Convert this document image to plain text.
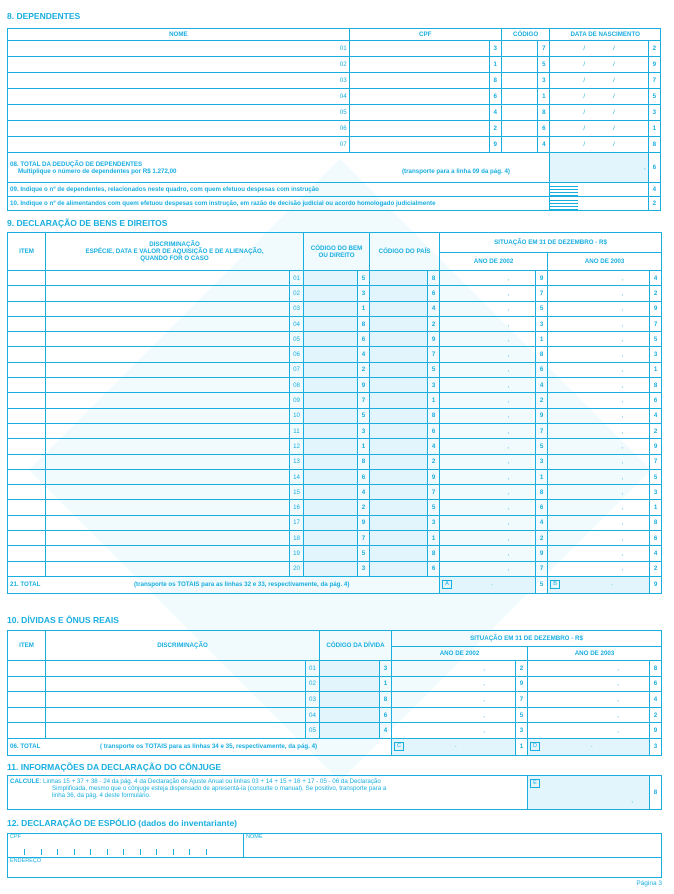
8. DEPENDENTES
NOME	CPF		CÓDIGO		DATA DE NASCIMENTO	
01		3		7	/ /	2
02		1		5	/ /	9
03		8		3	/ /	7
04		6		1	/ /	5
05		4		8	/ /	3
06		2		6	/ /	1
07		9		4	/ /	8

08. TOTAL DA DEDUÇÃO DE DEPENDENTES
Multiplique o número de dependentes por R$ 1.272,00 (transporte para a linha 09 da pág. 4)					,	6
09. Indique o nº de dependentes, relacionados neste quadro, com quem efetuou despesas com instrução						4
10. Indique o nº de alimentandos com quem efetuou despesas com instrução, em razão de decisão judicial ou acordo homologado judicialmente						2
9. DECLARAÇÃO DE BENS E DIREITOS
ITEM	DISCRIMINAÇÃO
ESPÉCIE, DATA E VALOR DE AQUISIÇÃO E DE ALIENAÇÃO,
QUANDO FOR O CASO		CÓDIGO DO BEM OU DIREITO		CÓDIGO DO PAÍS		SITUAÇÃO EM 31 DE DEZEMBRO - R$			
							ANO DE 2002		ANO DE 2003	
		01		5		8	,	9	,	4
		02		3		6	,	7	,	2
		03		1		4	,	5	,	9
		04		8		2	,	3	,	7
		05		6		9	,	1	,	5
		06		4		7	,	8	,	3
		07		2		5	,	6	,	1
		08		9		3	,	4	,	8
		09		7		1	,	2	,	6
		10		5		8	,	9	,	4
		11		3		6	,	7	,	2
		12		1		4	,	5	,	9
		13		8		2	,	3	,	7
		14		6		9	,	1	,	5
		15		4		7	,	8	,	3
		16		2		5	,	6	,	1
		17		9		3	,	4	,	8
		18		7		1	,	2	,	6
		19		5		8	,	9	,	4
		20		3		6	,	7	,	2
21. TOTAL (transporte os TOTAIS para as linhas 32 e 33, respectivamente, da pág. 4)							A .	5	B .	9
10. DÍVIDAS E ÔNUS REAIS
ITEM	DISCRIMINAÇÃO		CÓDIGO DA DÍVIDA		SITUAÇÃO EM 31 DE DEZEMBRO - R$			
					ANO DE 2002		ANO DE 2003	
		01		3	,	2	,	8
		02		1	,	9	,	6
		03		8	,	7	,	4
		04		6	,	5	,	2
		05		4	,	3	,	9
06. TOTAL ( transporte os TOTAIS para as linhas 34 e 35, respectivamente, da pág. 4)					C .	1	D .	3
11. INFORMAÇÕES DA DECLARAÇÃO DO CÔNJUGE
CALCULE: Linhas 15 + 37 + 38 - 24 da pág. 4 da Declaração de Ajuste Anual ou linhas 03 + 14 + 15 + 16 + 17 - 05 - 06 da Declaração
Simplificada, mesmo que o cônjuge esteja dispensado de apresentá-la (consulte o manual). Se positivo, transporte para a
linha 36, da pág. 4 deste formulário.
	E
,
	8
12. DECLARAÇÃO DE ESPÓLIO (dados do inventariante)
CPF	NOME

ENDEREÇO
Página 3
